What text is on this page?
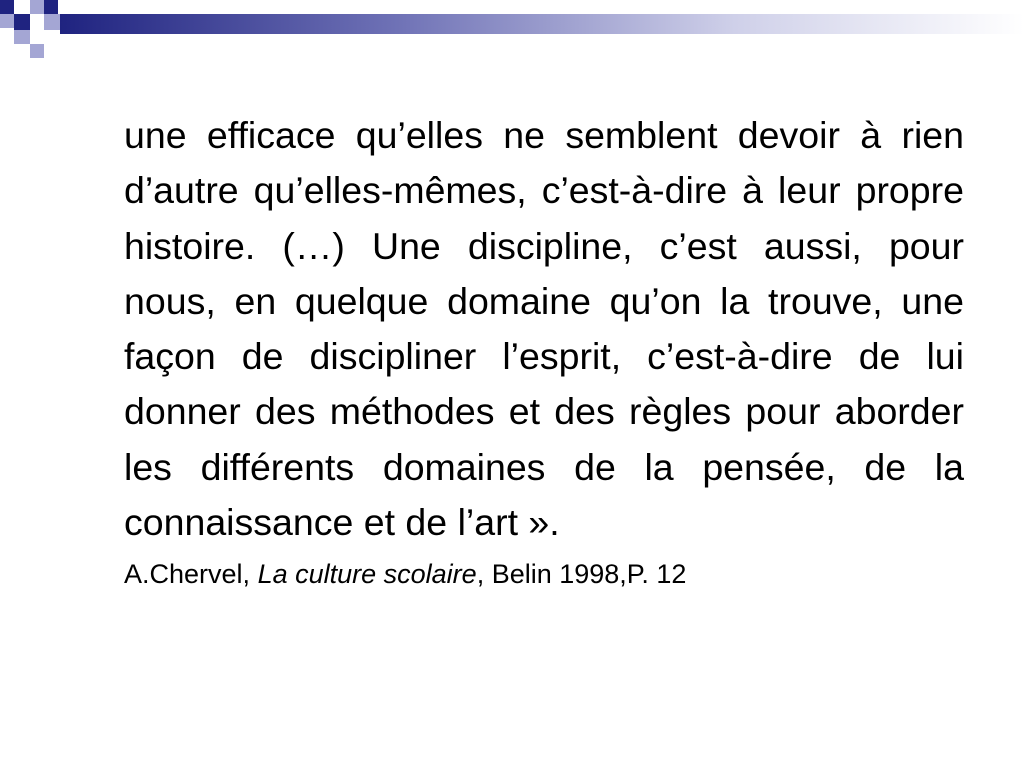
une efficace qu’elles ne semblent devoir à rien d’autre qu’elles-mêmes, c’est-à-dire à leur propre histoire. (…) Une discipline, c’est aussi, pour nous, en quelque domaine qu’on la trouve, une façon de discipliner l’esprit, c’est-à-dire de lui donner des méthodes et des règles pour aborder les différents domaines de la pensée, de la connaissance et de l’art ».

A.Chervel, La culture scolaire, Belin 1998,P. 12
